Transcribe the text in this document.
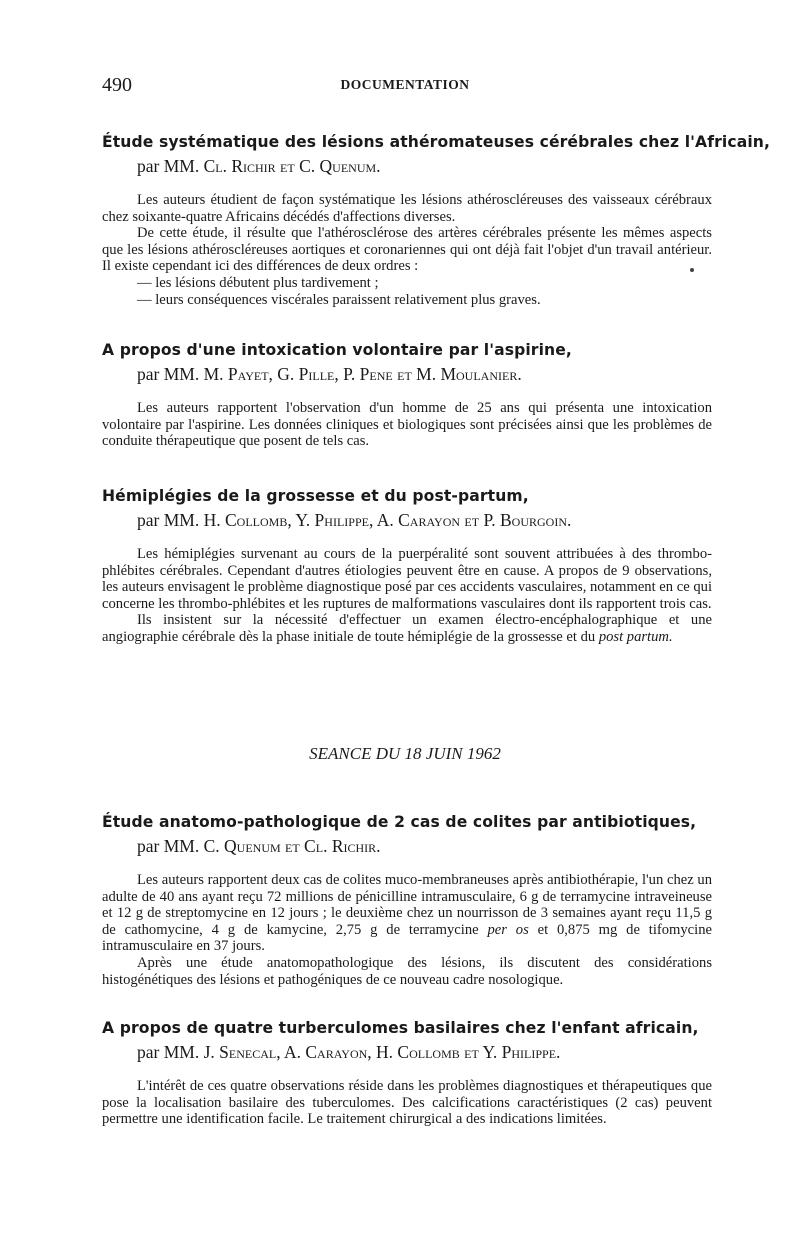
490	DOCUMENTATION
Étude systématique des lésions athéromateuses cérébrales chez l'Africain,
par MM. Cl. Richir et C. Quenum.

Les auteurs étudient de façon systématique les lésions athéroscléreuses des vaisseaux cérébraux chez soixante-quatre Africains décédés d'affections diverses.

De cette étude, il résulte que l'athérosclérose des artères cérébrales présente les mêmes aspects que les lésions athéroscléreuses aortiques et coronariennes qui ont déjà fait l'objet d'un travail antérieur. Il existe cependant ici des différences de deux ordres :

— les lésions débutent plus tardivement ;

— leurs conséquences viscérales paraissent relativement plus graves.

A propos d'une intoxication volontaire par l'aspirine,
par MM. M. Payet, G. Pille, P. Pene et M. Moulanier.

Les auteurs rapportent l'observation d'un homme de 25 ans qui présenta une intoxication volontaire par l'aspirine. Les données cliniques et biologiques sont précisées ainsi que les problèmes de conduite thérapeutique que posent de tels cas.

Hémiplégies de la grossesse et du post-partum,
par MM. H. Collomb, Y. Philippe, A. Carayon et P. Bourgoin.

Les hémiplégies survenant au cours de la puerpéralité sont souvent attribuées à des thrombo-phlébites cérébrales. Cependant d'autres étiologies peuvent être en cause. A propos de 9 observations, les auteurs envisagent le problème diagnostique posé par ces accidents vasculaires, notamment en ce qui concerne les thrombo-phlébites et les ruptures de malformations vasculaires dont ils rapportent trois cas.

Ils insistent sur la nécessité d'effectuer un examen électro-encéphalographique et une angiographie cérébrale dès la phase initiale de toute hémiplégie de la grossesse et du post partum.

SEANCE DU 18 JUIN 1962
Étude anatomo-pathologique de 2 cas de colites par antibiotiques,
par MM. C. Quenum et Cl. Richir.

Les auteurs rapportent deux cas de colites muco-membraneuses après antibiothérapie, l'un chez un adulte de 40 ans ayant reçu 72 millions de pénicilline intramusculaire, 6 g de terramycine intraveineuse et 12 g de streptomycine en 12 jours ; le deuxième chez un nourrisson de 3 semaines ayant reçu 11,5 g de cathomycine, 4 g de kamycine, 2,75 g de terramycine per os et 0,875 mg de tifomycine intramusculaire en 37 jours.

Après une étude anatomopathologique des lésions, ils discutent des considérations histogénétiques des lésions et pathogéniques de ce nouveau cadre nosologique.

A propos de quatre turberculomes basilaires chez l'enfant africain,
par MM. J. Senecal, A. Carayon, H. Collomb et Y. Philippe.

L'intérêt de ces quatre observations réside dans les problèmes diagnostiques et thérapeutiques que pose la localisation basilaire des tuberculomes. Des calcifications caractéristiques (2 cas) peuvent permettre une identification facile. Le traitement chirurgical a des indications limitées.
